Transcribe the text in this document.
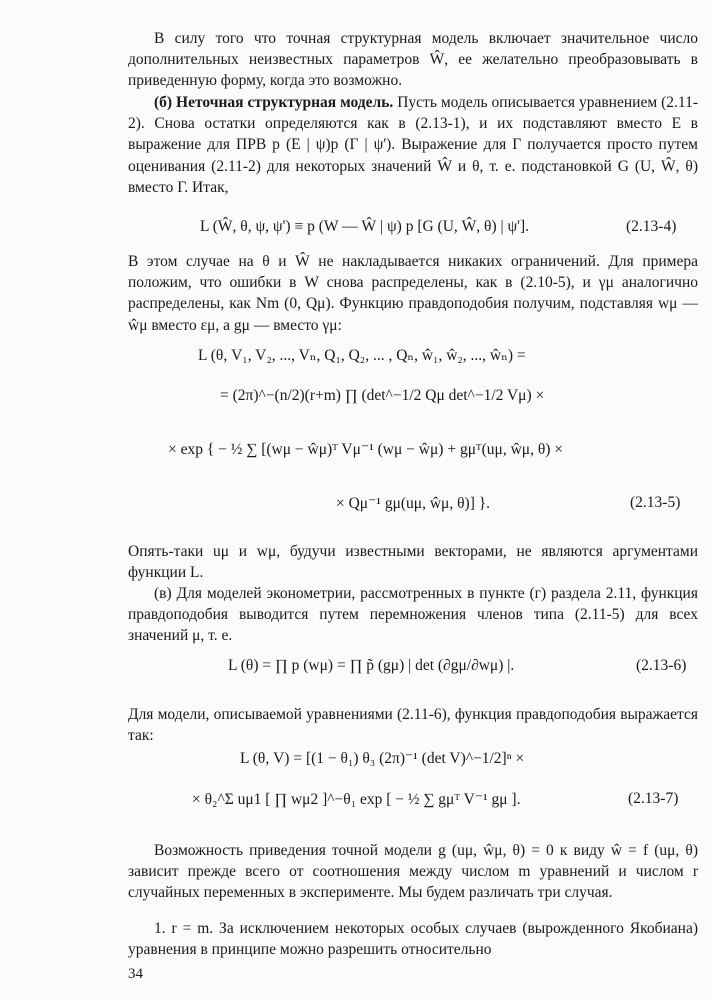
В силу того что точная структурная модель включает значительное число дополнительных неизвестных параметров Ŵ, ее желательно преобразовывать в приведенную форму, когда это возможно.

(б) Неточная структурная модель. Пусть модель описывается уравнением (2.11-2). Снова остатки определяются как в (2.13-1), и их подставляют вместо E в выражение для ПРВ p (E | ψ)p (Γ | ψ'). Выражение для Γ получается просто путем оценивания (2.11-2) для некоторых значений Ŵ и θ, т. е. подстановкой G (U, Ŵ, θ) вместо Γ. Итак,

L (Ŵ, θ, ψ, ψ') ≡ p (W — Ŵ | ψ) p [G (U, Ŵ, θ) | ψ'].	(2.13-4)

В этом случае на θ и Ŵ не накладывается никаких ограничений. Для примера положим, что ошибки в W снова распределены, как в (2.10-5), и γμ аналогично распределены, как Nm (0, Qμ). Функцию правдоподобия получим, подставляя wμ — ŵμ вместо εμ, а gμ — вместо γμ:

L (θ, V₁, V₂, ..., Vₙ, Q₁, Q₂, ... , Qₙ, ŵ₁, ŵ₂, ..., ŵₙ) =
= (2π)^−(n/2)(r+m) ∏ (det^−1/2 Qμ det^−1/2 Vμ) ×
× exp { − ½ ∑ [(wμ − ŵμ)ᵀ Vμ⁻¹ (wμ − ŵμ) + gμᵀ(uμ, ŵμ, θ) ×
× Qμ⁻¹ gμ(uμ, ŵμ, θ)] }.	(2.13-5)

Опять-таки uμ и wμ, будучи известными векторами, не являются аргументами функции L.

(в) Для моделей эконометрии, рассмотренных в пункте (г) раздела 2.11, функция правдоподобия выводится путем перемножения членов типа (2.11-5) для всех значений μ, т. е.

L (θ) = ∏ p (wμ) = ∏ p̃ (gμ) | det (∂gμ/∂wμ) |.	(2.13-6)

Для модели, описываемой уравнениями (2.11-6), функция правдоподобия выражается так:

L (θ, V) = [(1 − θ₁) θ₃ (2π)⁻¹ (det V)^−1/2]ⁿ ×
× θ₂^Σ uμ1 [ ∏ wμ2 ]^−θ₁ exp [ − ½ ∑ gμᵀ V⁻¹ gμ ].	(2.13-7)

Возможность приведения точной модели g (uμ, ŵμ, θ) = 0 к виду ŵ = f (uμ, θ) зависит прежде всего от соотношения между числом m уравнений и числом r случайных переменных в эксперименте. Мы будем различать три случая.

1. r = m. За исключением некоторых особых случаев (вырожденного Якобиана) уравнения в принципе можно разрешить относительно

34
